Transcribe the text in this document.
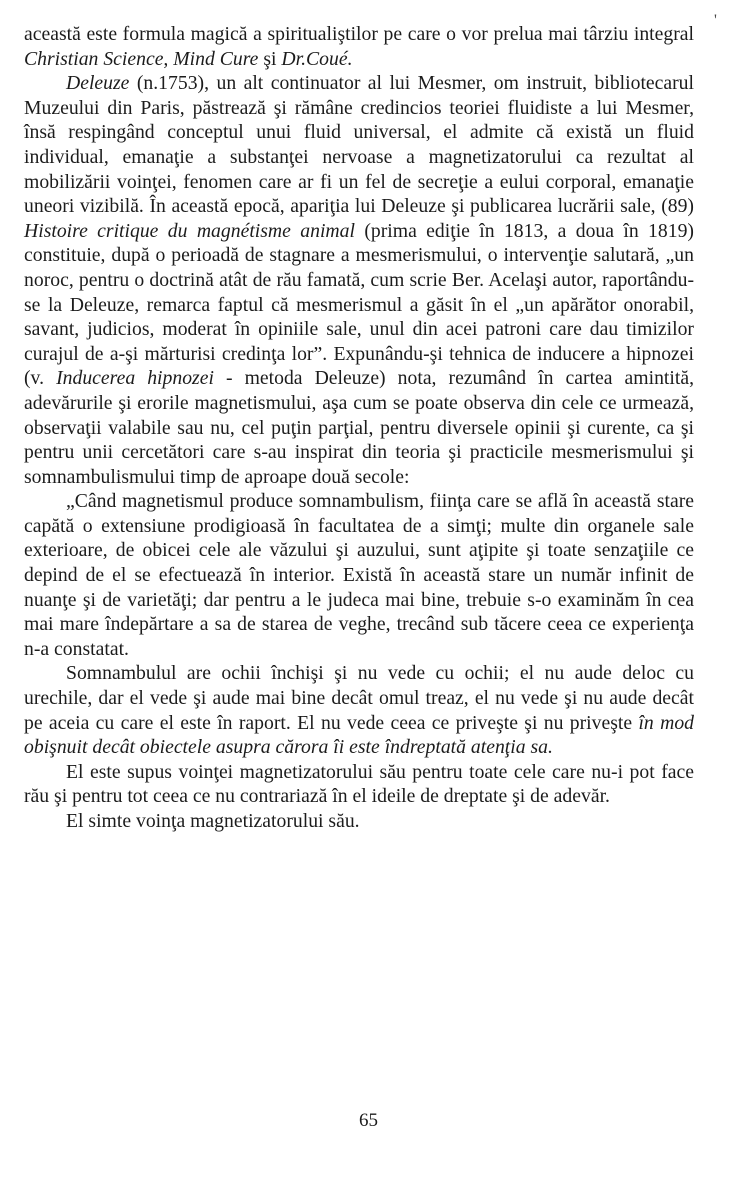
'

această este formula magică a spiritualiştilor pe care o vor prelua mai târziu integral Christian Science, Mind Cure şi Dr.Coué.

Deleuze (n.1753), un alt continuator al lui Mesmer, om instruit, bibliotecarul Muzeului din Paris, păstrează şi rămâne credincios teoriei fluidiste a lui Mesmer, însă respingând conceptul unui fluid universal, el admite că există un fluid individual, emanaţie a substanţei nervoase a magnetizatorului ca rezultat al mobilizării voinţei, fenomen care ar fi un fel de secreţie a eului corporal, emanaţie uneori vizibilă. În această epocă, apariţia lui Deleuze şi publicarea lucrării sale, (89) Histoire critique du magnétisme animal (prima ediţie în 1813, a doua în 1819) constituie, după o perioadă de stagnare a mesmerismului, o intervenţie salutară, „un noroc, pentru o doctrină atât de rău famată, cum scrie Ber. Acelaşi autor, raportându-se la Deleuze, remarca faptul că mesmerismul a găsit în el „un apărător onorabil, savant, judicios, moderat în opiniile sale, unul din acei patroni care dau timizilor curajul de a-şi mărturisi credinţa lor”. Expunându-şi tehnica de inducere a hipnozei (v. Inducerea hipnozei - metoda Deleuze) nota, rezumând în cartea amintită, adevărurile şi erorile magnetismului, aşa cum se poate observa din cele ce urmează, observaţii valabile sau nu, cel puţin parţial, pentru diversele opinii şi curente, ca şi pentru unii cercetători care s-au inspirat din teoria şi practicile mesmerismului şi somnambulismului timp de aproape două secole:

„Când magnetismul produce somnambulism, fiinţa care se află în această stare capătă o extensiune prodigioasă în facultatea de a simţi; multe din organele sale exterioare, de obicei cele ale văzului şi auzului, sunt aţipite şi toate senzaţiile ce depind de el se efectuează în interior. Există în această stare un număr infinit de nuanţe şi de varietăţi; dar pentru a le judeca mai bine, trebuie s-o examinăm în cea mai mare îndepărtare a sa de starea de veghe, trecând sub tăcere ceea ce experienţa n-a constatat.

Somnambulul are ochii închişi şi nu vede cu ochii; el nu aude deloc cu urechile, dar el vede şi aude mai bine decât omul treaz, el nu vede şi nu aude decât pe aceia cu care el este în raport. El nu vede ceea ce priveşte şi nu priveşte în mod obişnuit decât obiectele asupra cărora îi este îndreptată atenţia sa.

El este supus voinţei magnetizatorului său pentru toate cele care nu-i pot face rău şi pentru tot ceea ce nu contrariază în el ideile de dreptate şi de adevăr.

El simte voinţa magnetizatorului său.

65
